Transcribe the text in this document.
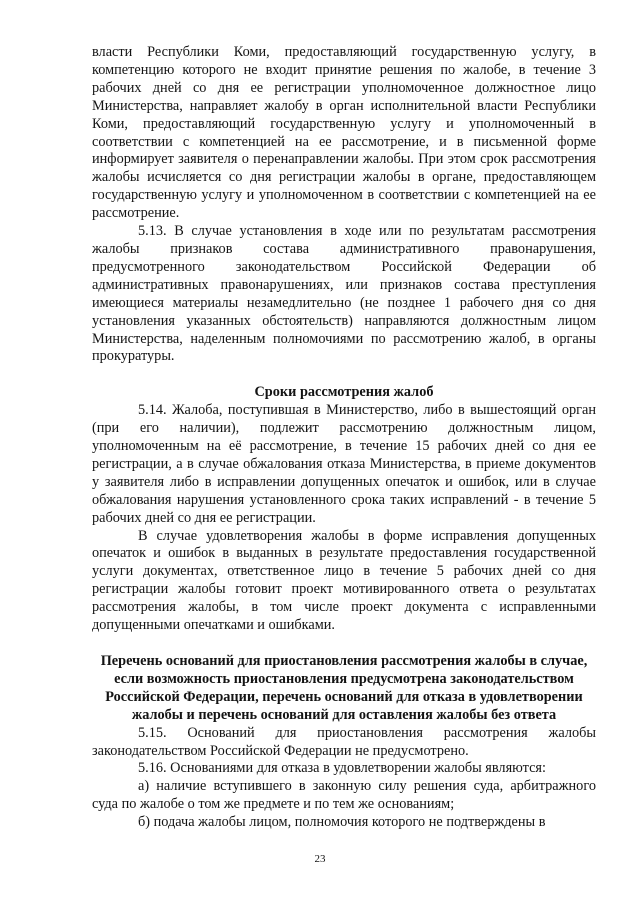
власти Республики Коми, предоставляющий государственную услугу, в компетенцию которого не входит принятие решения по жалобе, в течение 3 рабочих дней со дня ее регистрации уполномоченное должностное лицо Министерства, направляет жалобу в орган исполнительной власти Республики Коми, предоставляющий государственную услугу и уполномоченный в соответствии с компетенцией на ее рассмотрение, и в письменной форме информирует заявителя о перенаправлении жалобы. При этом срок рассмотрения жалобы исчисляется со дня регистрации жалобы в органе, предоставляющем государственную услугу и уполномоченном в соответствии с компетенцией на ее рассмотрение.

5.13. В случае установления в ходе или по результатам рассмотрения жалобы признаков состава административного правонарушения, предусмотренного законодательством Российской Федерации об административных правонарушениях, или признаков состава преступления имеющиеся материалы незамедлительно (не позднее 1 рабочего дня со дня установления указанных обстоятельств) направляются должностным лицом Министерства, наделенным полномочиями по рассмотрению жалоб, в органы прокуратуры.

Сроки рассмотрения жалоб

5.14. Жалоба, поступившая в Министерство, либо в вышестоящий орган (при его наличии), подлежит рассмотрению должностным лицом, уполномоченным на её рассмотрение, в течение 15 рабочих дней со дня ее регистрации, а в случае обжалования отказа Министерства, в приеме документов у заявителя либо в исправлении допущенных опечаток и ошибок, или в случае обжалования нарушения установленного срока таких исправлений - в течение 5 рабочих дней со дня ее регистрации.

В случае удовлетворения жалобы в форме исправления допущенных опечаток и ошибок в выданных в результате предоставления государственной услуги документах, ответственное лицо в течение 5 рабочих дней со дня регистрации жалобы готовит проект мотивированного ответа о результатах рассмотрения жалобы, в том числе проект документа с исправленными допущенными опечатками и ошибками.

Перечень оснований для приостановления рассмотрения жалобы в случае, если возможность приостановления предусмотрена законодательством Российской Федерации, перечень оснований для отказа в удовлетворении жалобы и перечень оснований для оставления жалобы без ответа

5.15. Оснований для приостановления рассмотрения жалобы законодательством Российской Федерации не предусмотрено.

5.16. Основаниями для отказа в удовлетворении жалобы являются:

а) наличие вступившего в законную силу решения суда, арбитражного суда по жалобе о том же предмете и по тем же основаниям;

б) подача жалобы лицом, полномочия которого не подтверждены в

23
